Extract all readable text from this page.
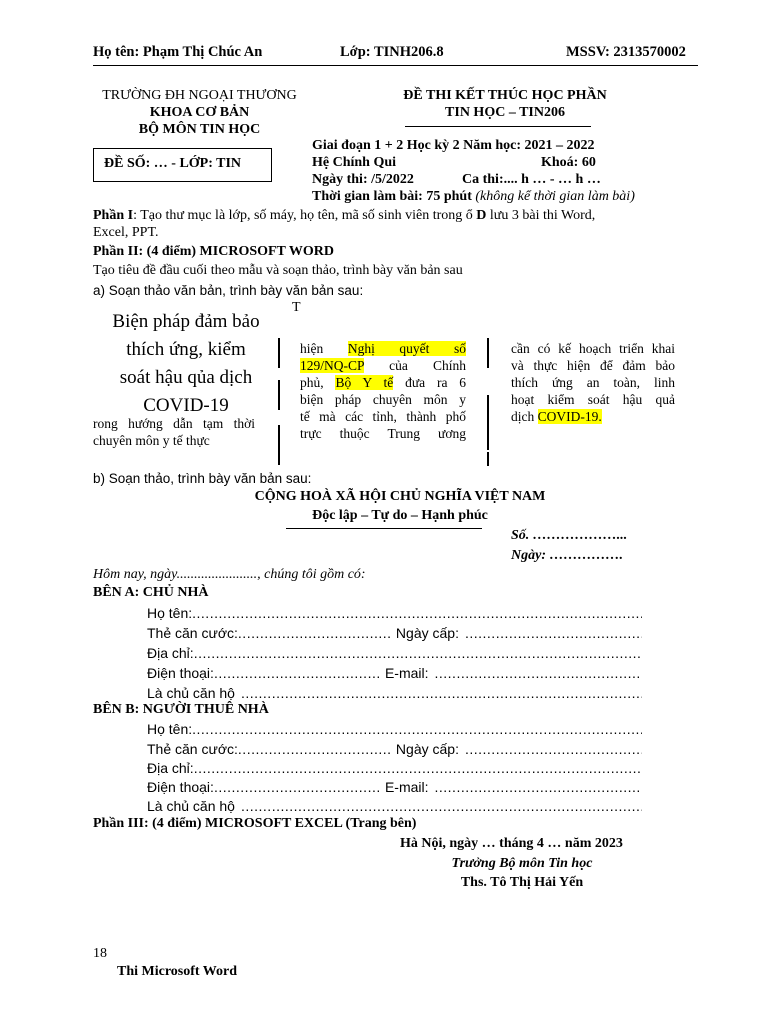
Họ tên: Phạm Thị Chúc An	Lớp: TINH206.8	MSSV: 2313570002
TRƯỜNG ĐH NGOẠI THƯƠNG
KHOA CƠ BẢN
BỘ MÔN TIN HỌC
ĐỀ THI KẾT THÚC HỌC PHẦN
TIN HỌC – TIN206
ĐỀ SỐ: … - LỚP: TIN
Giai đoạn 1 + 2 Học kỳ 2 Năm học: 2021 – 2022
Hệ Chính Qui	Khoá: 60
Ngày thi: /5/2022	Ca thi:.... h … - … h …
Thời gian làm bài: 75 phút (không kể thời gian làm bài)
Phần I: Tạo thư mục là lớp, số máy, họ tên, mã số sinh viên trong ổ D lưu 3 bài thi Word,
Excel, PPT.
Phần II: (4 điểm) MICROSOFT WORD
Tạo tiêu đề đầu cuối theo mẫu và soạn thảo, trình bày văn bản sau
a) Soạn thảo văn bản, trình bày văn bản sau:
Biện pháp đảm bảo
thích ứng, kiểm
soát hậu qủa dịch
COVID-19
T
rong hướng dẫn tạm thời
chuyên môn y tế thực
hiện Nghị quyết số
129/NQ-CP của Chính
phủ, Bộ Y tế đưa ra 6
biện pháp chuyên môn y
tế mà các tỉnh, thành phố
trực thuộc Trung ương
cần có kế hoạch triển khai
và thực hiện để đảm bảo
thích ứng an toàn, linh
hoạt kiểm soát hậu quả
dịch COVID-19.
b) Soạn thảo, trình bày văn bản sau:
CỘNG HOÀ XÃ HỘI CHỦ NGHĨA VIỆT NAM
Độc lập – Tự do – Hạnh phúc
Số. ………………...
Ngày: …………….
Hôm nay, ngày......................., chúng tôi gồm có:
BÊN A: CHỦ NHÀ
Họ tên:
.....
Thẻ căn cước: .....	Ngày cấp:
.....
Địa chỉ:
.....
Điện thoại: .....	E-mail:
.....
Là chủ căn hộ
.....
BÊN B: NGƯỜI THUÊ NHÀ
Họ tên:
.....
Thẻ căn cước: .....	Ngày cấp:
.....
Địa chỉ:
.....
Điện thoại: .....	E-mail:
.....
Là chủ căn hộ
.....
Phần III: (4 điểm) MICROSOFT EXCEL (Trang bên)
Hà Nội, ngày … tháng 4 … năm 2023
Trưởng Bộ môn Tin học
Ths. Tô Thị Hải Yến
18
Thi Microsoft Word
